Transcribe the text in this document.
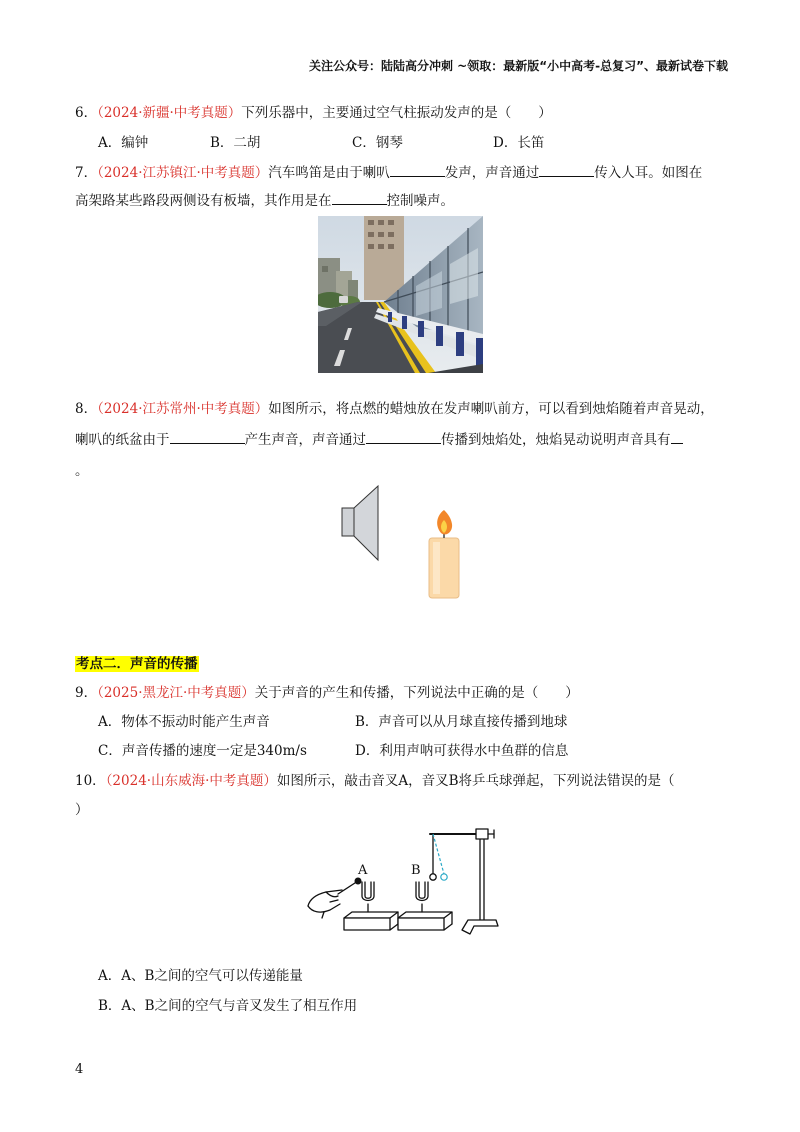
关注公众号：陆陆高分冲刺 ~领取：最新版“小中高考-总复习”、最新试卷下载
6．（2024·新疆·中考真题）下列乐器中，主要通过空气柱振动发声的是（　　）
A．编钟	B．二胡	C．钢琴	D．长笛
7．（2024·江苏镇江·中考真题）汽车鸣笛是由于喇叭	发声，声音通过	传入人耳。如图在
高架路某些路段两侧设有板墙，其作用是在	控制噪声。
8．（2024·江苏常州·中考真题）如图所示，将点燃的蜡烛放在发声喇叭前方，可以看到烛焰随着声音晃动，
喇叭的纸盆由于	产生声音，声音通过	传播到烛焰处，烛焰晃动说明声音具有
。
考点二．声音的传播
9．（2025·黑龙江·中考真题）关于声音的产生和传播，下列说法中正确的是（　　）
A．物体不振动时能产生声音	B．声音可以从月球直接传播到地球
C．声音传播的速度一定是340m/s	D．利用声呐可获得水中鱼群的信息
10．（2024·山东威海·中考真题）如图所示，敲击音叉A，音叉B将乒乓球弹起，下列说法错误的是（
）
A	B
A．A、B之间的空气可以传递能量
B．A、B之间的空气与音叉发生了相互作用
4
